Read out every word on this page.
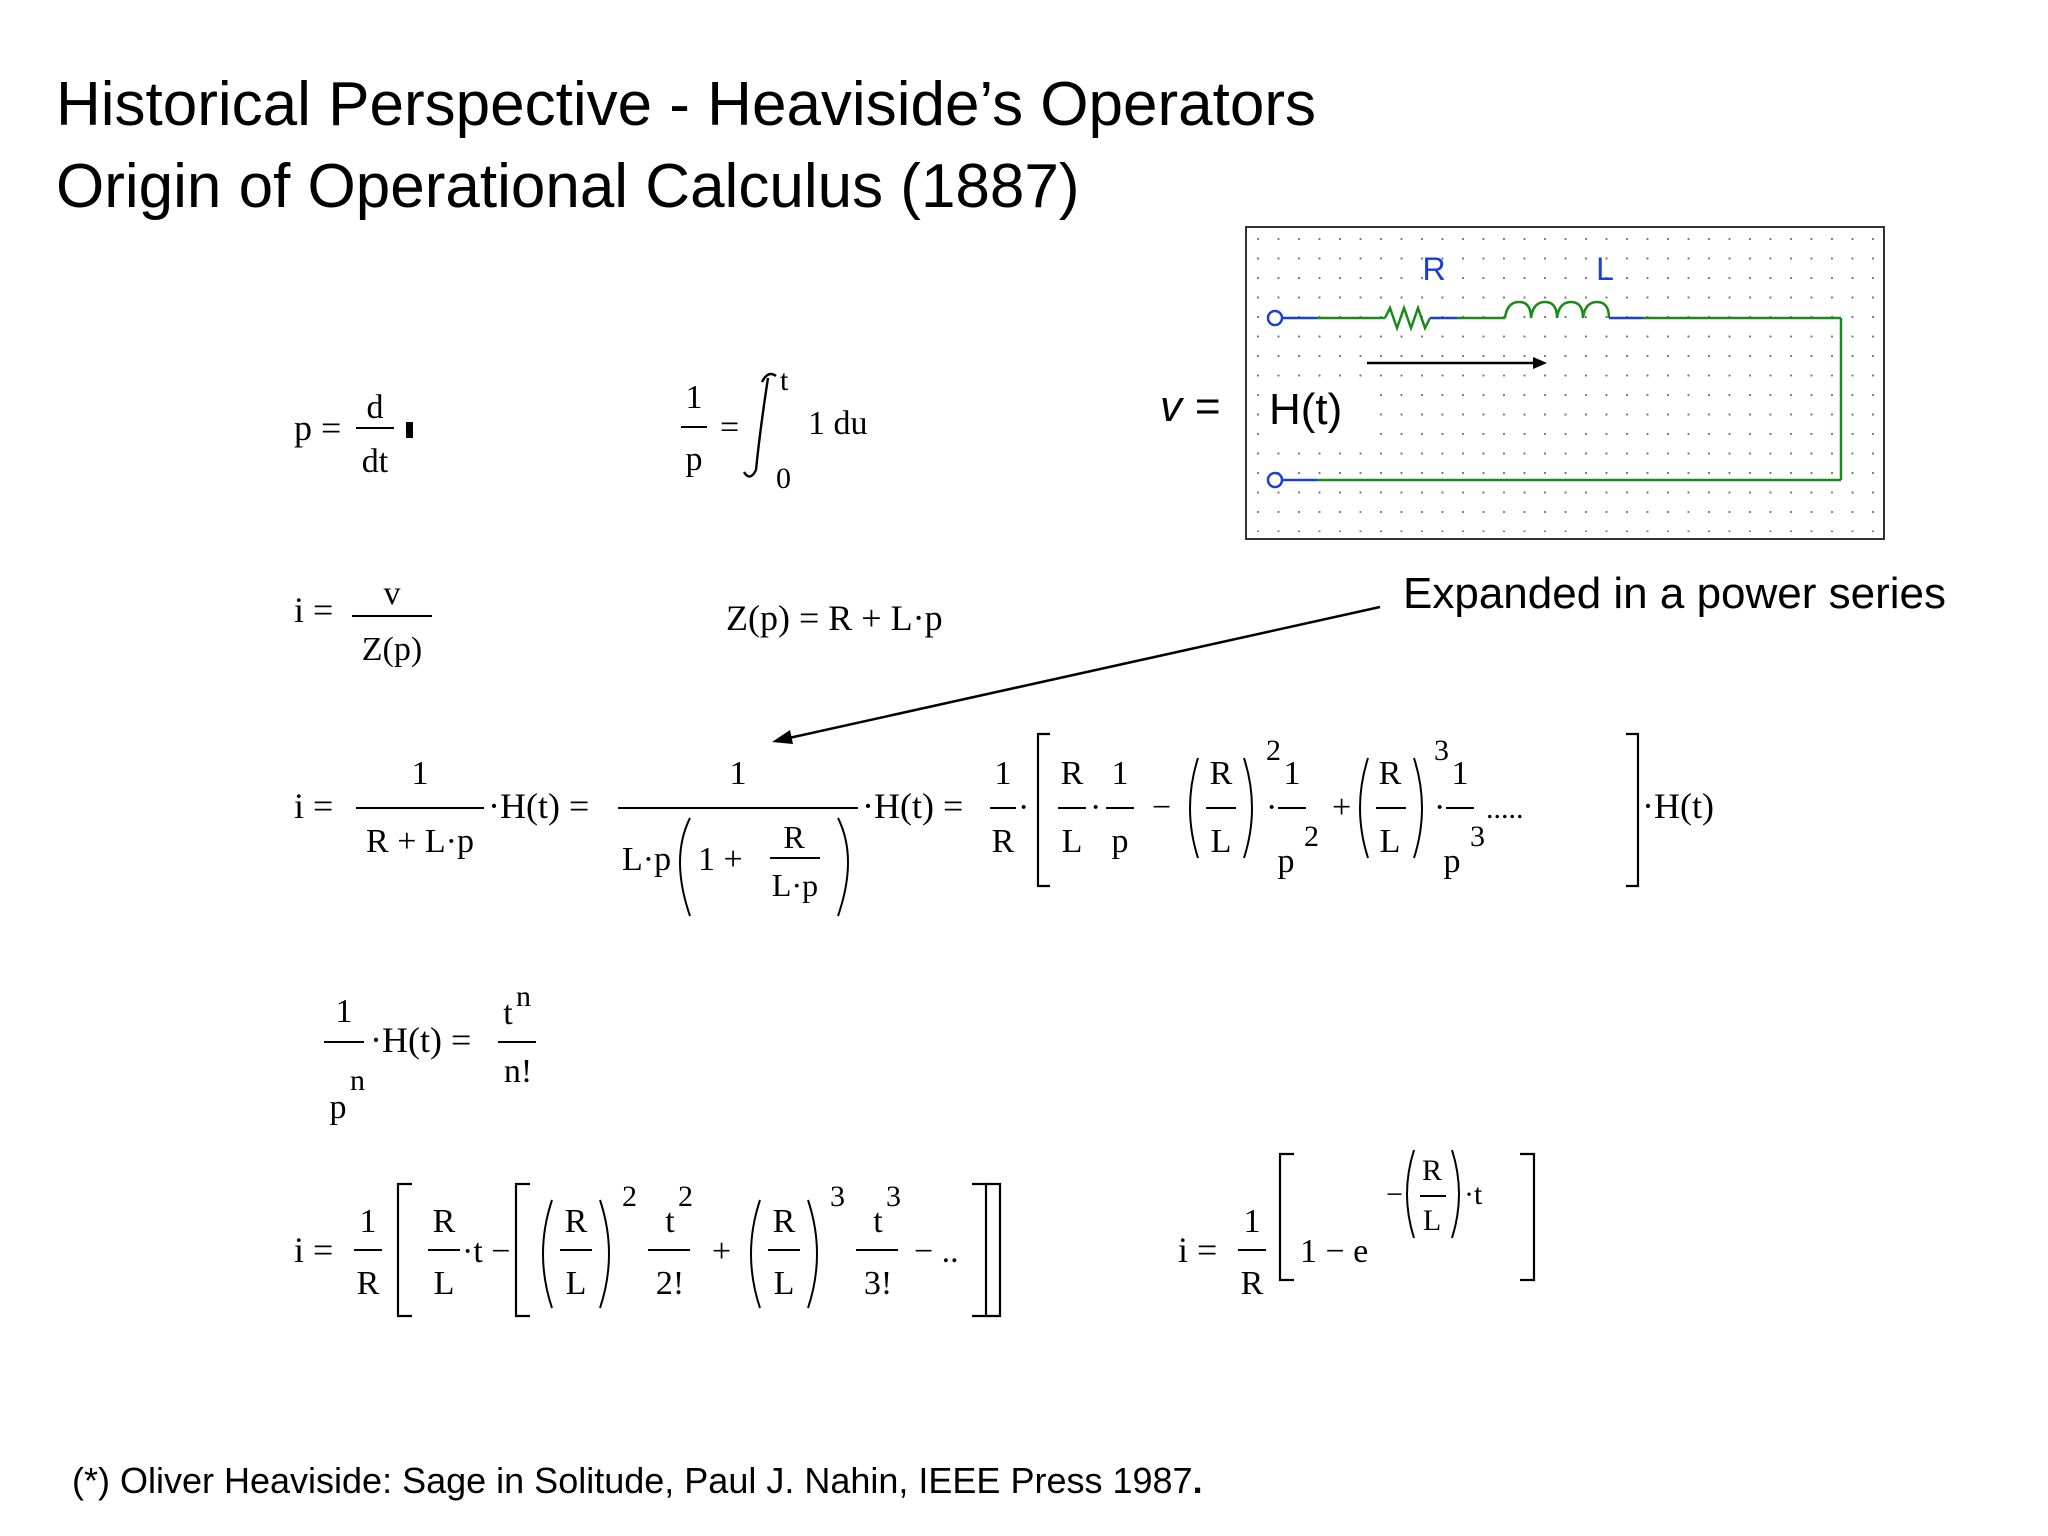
Historical Perspective - Heaviside’s Operators
Origin of Operational Calculus (1887)
p =
d
dt
1
p
=
t
0
1 du
R	L
H(t)
v =
Expanded in a power series
i = v
Z(p)
Z(p) = R + L·p
i =
1
R + L·p
·H(t) =
1
L·p 1 +
R
L·p
·H(t) =
1
R
·
R
L
·
1
p
−
R
L
2
·
1
p
2
+
R
L
3
·
1
p
3
.....	·H(t)
1
p
n
·H(t) =
t n
n!
i =
1
R
R
L
·t −
R
L
2
t
2
2!
+
R
L
3
t
3
3!
− ..	i =
1
R
1 − e
−
R
L
·t
(*) Oliver Heaviside: Sage in Solitude, Paul J. Nahin, IEEE Press 1987.
